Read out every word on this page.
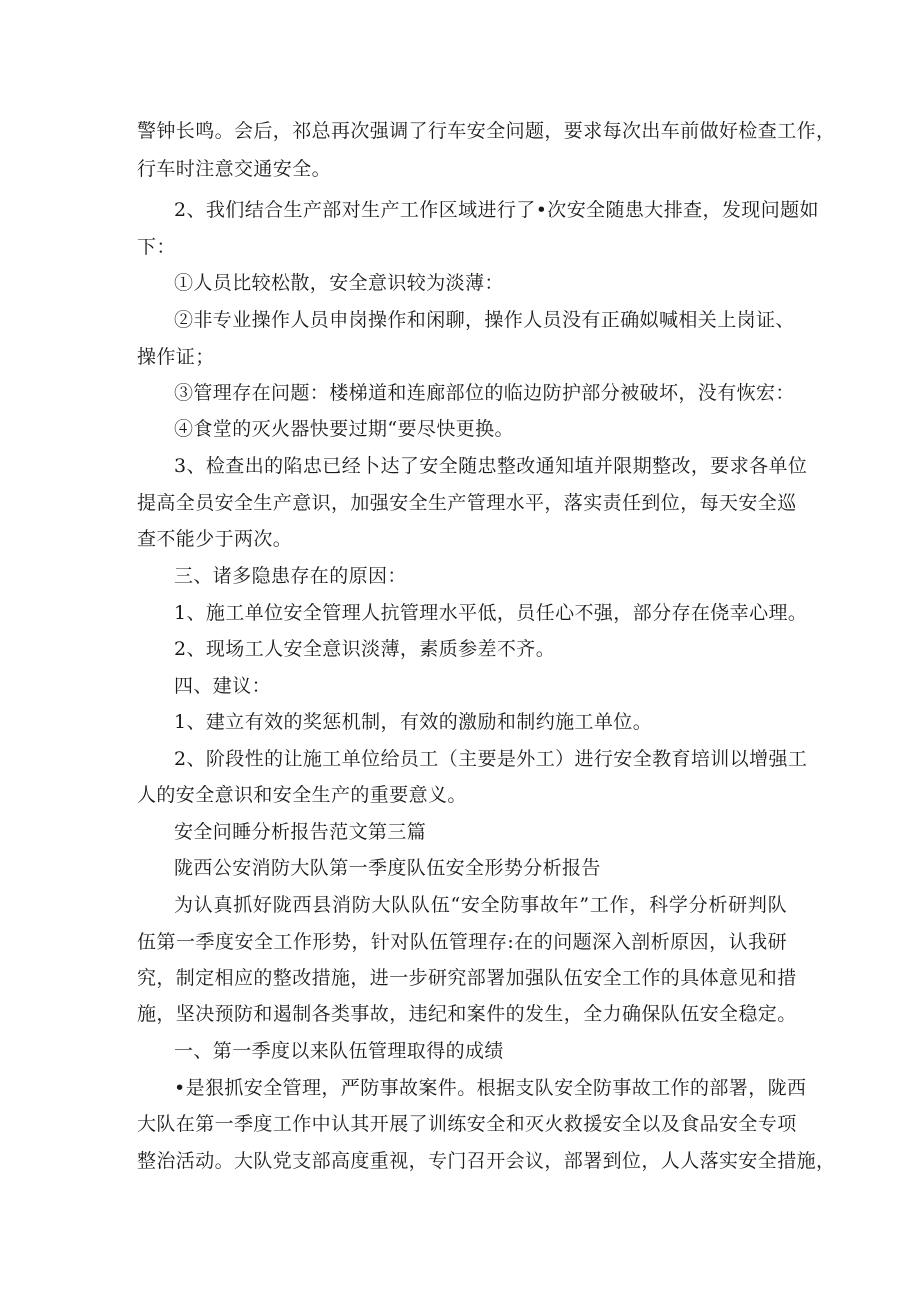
警钟长鸣。会后，祁总再次强调了行车安全问题，要求每次出车前做好检查工作，
行车时注意交通安全。
2、我们结合生产部对生产工作区域进行了•次安全随患大排查，发现问题如
下：
①人员比较松散，安全意识较为淡薄：
②非专业操作人员申岗操作和闲聊，操作人员没有正确姒喊相关上岗证、
操作证；
③管理存在问题：楼梯道和连廊部位的临边防护部分被破坏，没有恢宏：
④食堂的灭火器快要过期“要尽快更换。
3、检查出的陷忠已经卜达了安全随忠整改通知埴并限期整改，要求各单位
提高全员安全生产意识，加强安全生产管理水平，落实责任到位，每天安全巡
查不能少于两次。
三、诸多隐患存在的原因：
1、施工单位安全管理人抗管理水平低，员任心不强，部分存在侥幸心理。
2、现场工人安全意识淡薄，素质参差不齐。
四、建议：
1、建立有效的奖惩机制，有效的激励和制约施工单位。
2、阶段性的让施工单位给员工（主要是外工）进行安全教育培训以增强工
人的安全意识和安全生产的重要意义。
安全问睡分析报告范文第三篇
陇西公安消防大队第一季度队伍安全形势分析报告
为认真抓好陇西县消防大队队伍“安全防事故年”工作，科学分析研判队
伍第一季度安全工作形势，针对队伍管理存:在的问题深入剖析原因，认我研
究，制定相应的整改措施，进一步研究部署加强队伍安全工作的具体意见和措
施，坚决预防和遏制各类事故，违纪和案件的发生，全力确保队伍安全稳定。
一、第一季度以来队伍管理取得的成绩
•是狠抓安全管理，严防事故案件。根据支队安全防事故工作的部署，陇西
大队在第一季度工作中认其开展了训练安全和灭火救援安全以及食品安全专项
整治活动。大队党支部高度重视，专门召开会议，部署到位，人人落实安全措施，
